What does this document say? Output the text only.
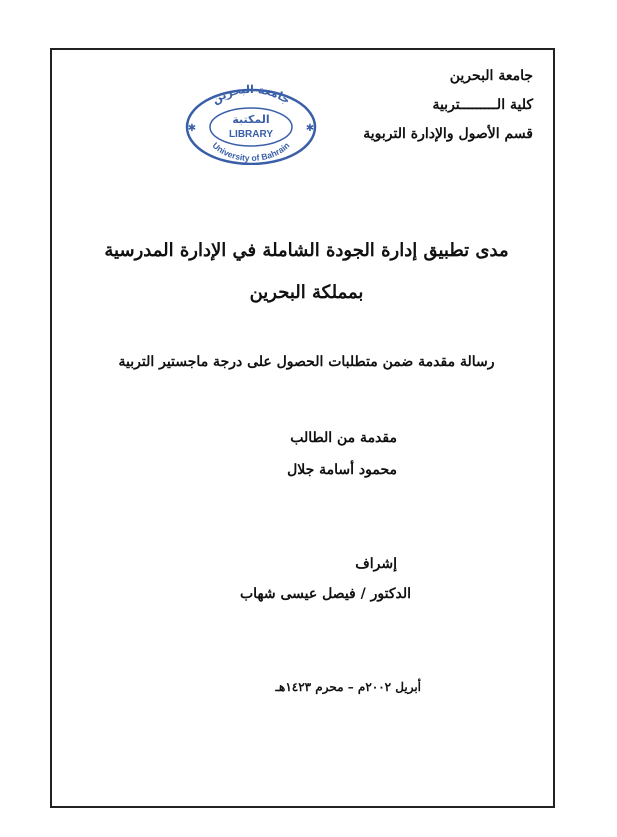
جامعة البحرين
كلية الـــــــــتربية
قسم الأصول والإدارة التربوية
جامعة البحرين
University of Bahrain
المكتبة
LIBRARY
✱	✱
مدى تطبيق إدارة الجودة الشاملة في الإدارة المدرسية
بمملكة البحرين
رسالة مقدمة ضمن متطلبات الحصول على درجة ماجستير التربية
مقدمة من الطالب
محمود أسامة جلال
إشراف
الدكتور / فيصل عيسى شهاب
أبريل ٢٠٠٢م – محرم ١٤٢٣هـ
